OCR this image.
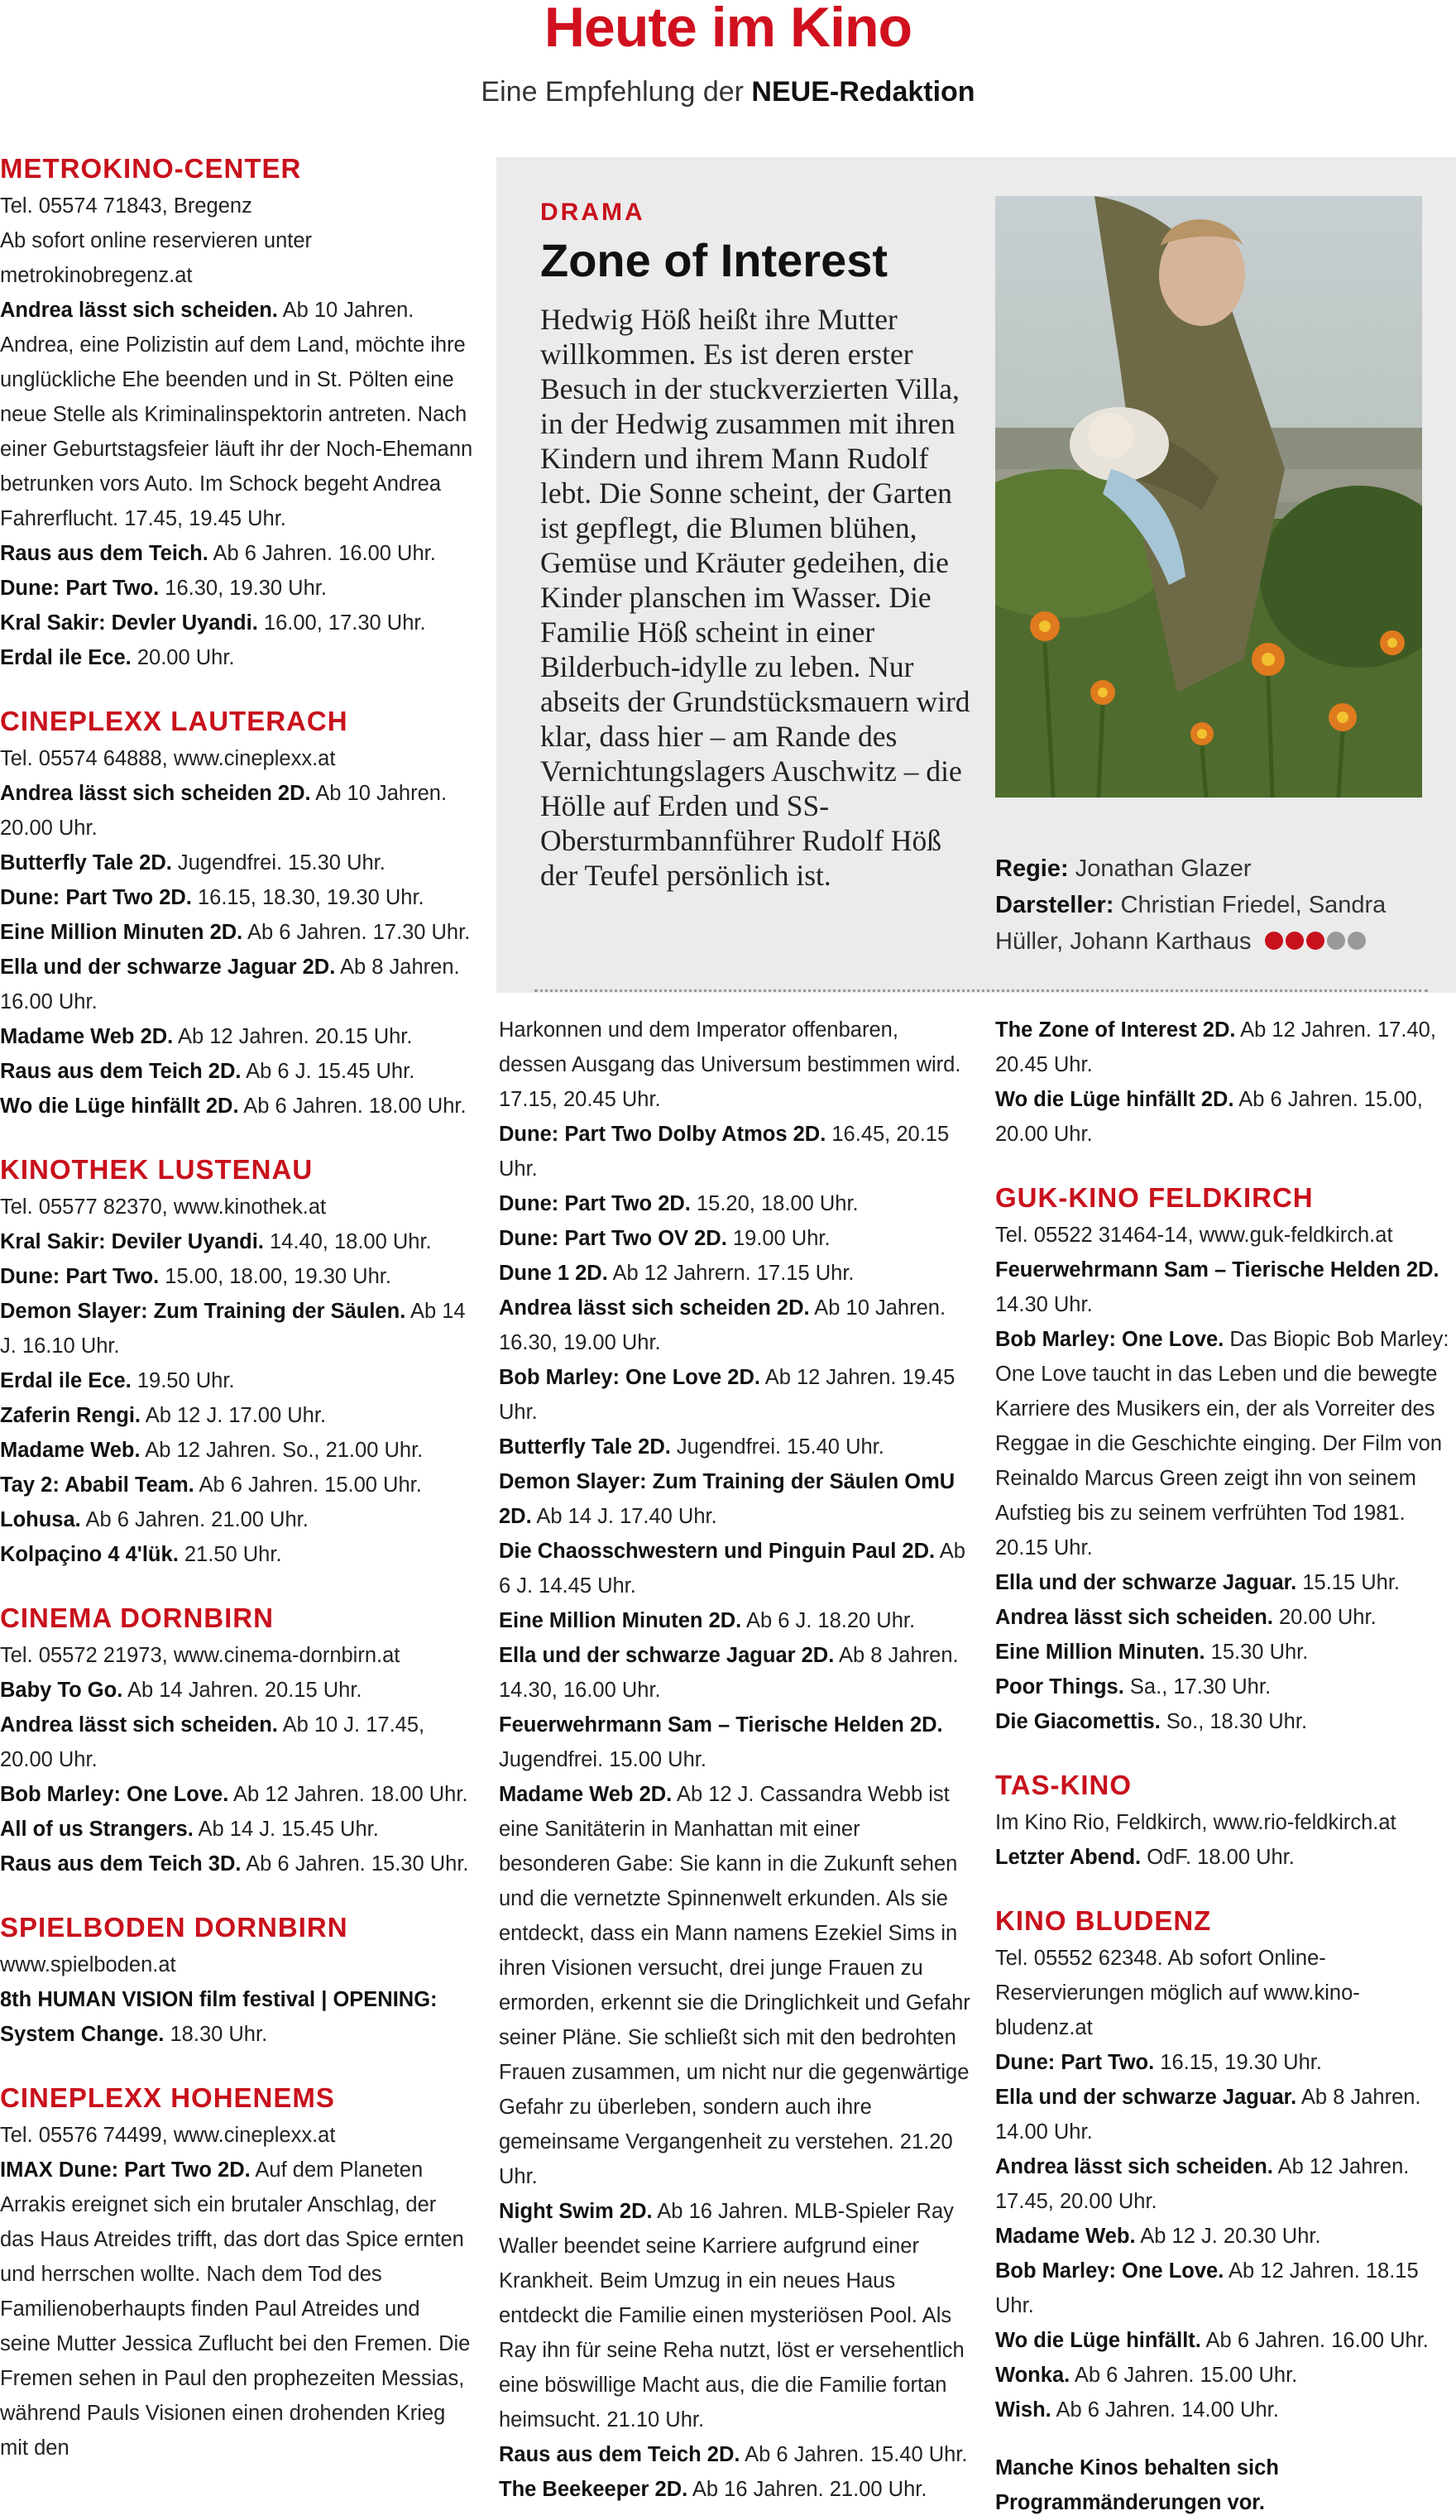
Heute im Kino
Eine Empfehlung der NEUE-Redaktion
METROKINO-CENTER

Tel. 05574 71843, Bregenz

Ab sofort online reservieren unter metrokinobregenz.at

Andrea lässt sich scheiden. Ab 10 Jahren. Andrea, eine Polizistin auf dem Land, möchte ihre unglückliche Ehe beenden und in St. Pölten eine neue Stelle als Kriminalinspektorin antreten. Nach einer Geburtstagsfeier läuft ihr der Noch-Ehemann betrunken vors Auto. Im Schock begeht Andrea Fahrerflucht. 17.45, 19.45 Uhr.

Raus aus dem Teich. Ab 6 Jahren. 16.00 Uhr.

Dune: Part Two. 16.30, 19.30 Uhr.

Kral Sakir: Devler Uyandi. 16.00, 17.30 Uhr.

Erdal ile Ece. 20.00 Uhr.

CINEPLEXX LAUTERACH

Tel. 05574 64888, www.cineplexx.at

Andrea lässt sich scheiden 2D. Ab 10 Jahren. 20.00 Uhr.

Butterfly Tale 2D. Jugendfrei. 15.30 Uhr.

Dune: Part Two 2D. 16.15, 18.30, 19.30 Uhr.

Eine Million Minuten 2D. Ab 6 Jahren. 17.30 Uhr.

Ella und der schwarze Jaguar 2D. Ab 8 Jahren. 16.00 Uhr.

Madame Web 2D. Ab 12 Jahren. 20.15 Uhr.

Raus aus dem Teich 2D. Ab 6 J. 15.45 Uhr.

Wo die Lüge hinfällt 2D. Ab 6 Jahren. 18.00 Uhr.

KINOTHEK LUSTENAU

Tel. 05577 82370, www.kinothek.at

Kral Sakir: Deviler Uyandi. 14.40, 18.00 Uhr.

Dune: Part Two. 15.00, 18.00, 19.30 Uhr.

Demon Slayer: Zum Training der Säulen. Ab 14 J. 16.10 Uhr.

Erdal ile Ece. 19.50 Uhr.

Zaferin Rengi. Ab 12 J. 17.00 Uhr.

Madame Web. Ab 12 Jahren. So., 21.00 Uhr.

Tay 2: Ababil Team. Ab 6 Jahren. 15.00 Uhr.

Lohusa. Ab 6 Jahren. 21.00 Uhr.

Kolpaçino 4 4'lük. 21.50 Uhr.

CINEMA DORNBIRN

Tel. 05572 21973, www.cinema-dornbirn.at

Baby To Go. Ab 14 Jahren. 20.15 Uhr.

Andrea lässt sich scheiden. Ab 10 J. 17.45, 20.00 Uhr.

Bob Marley: One Love. Ab 12 Jahren. 18.00 Uhr.

All of us Strangers. Ab 14 J. 15.45 Uhr.

Raus aus dem Teich 3D. Ab 6 Jahren. 15.30 Uhr.

SPIELBODEN DORNBIRN

www.spielboden.at

8th HUMAN VISION film festival | OPENING: System Change. 18.30 Uhr.

CINEPLEXX HOHENEMS

Tel. 05576 74499, www.cineplexx.at

IMAX Dune: Part Two 2D. Auf dem Planeten Arrakis ereignet sich ein brutaler Anschlag, der das Haus Atreides trifft, das dort das Spice ernten und herrschen wollte. Nach dem Tod des Familienoberhaupts finden Paul Atreides und seine Mutter Jessica Zuflucht bei den Fremen. Die Fremen sehen in Paul den prophezeiten Messias, während Pauls Visionen einen drohenden Krieg mit den

DRAMA
Zone of Interest
Hedwig Höß heißt ihre Mutter willkommen. Es ist deren erster Besuch in der stuckverzierten Villa, in der Hedwig zusammen mit ihren Kindern und ihrem Mann Rudolf lebt. Die Sonne scheint, der Garten ist gepflegt, die Blumen blühen, Gemüse und Kräuter gedeihen, die Kinder planschen im Wasser. Die Familie Höß scheint in einer Bilderbuch-idylle zu leben. Nur abseits der Grundstücksmauern wird klar, dass hier – am Rande des Vernichtungslagers Auschwitz – die Hölle auf Erden und SS-Obersturmbannführer Rudolf Höß der Teufel persönlich ist.	Regie: Jonathan Glazer
Darsteller: Christian Friedel, Sandra Hüller, Johann Karthaus

Harkonnen und dem Imperator offenbaren, dessen Ausgang das Universum bestimmen wird. 17.15, 20.45 Uhr.

Dune: Part Two Dolby Atmos 2D. 16.45, 20.15 Uhr.

Dune: Part Two 2D. 15.20, 18.00 Uhr.

Dune: Part Two OV 2D. 19.00 Uhr.

Dune 1 2D. Ab 12 Jahrern. 17.15 Uhr.

Andrea lässt sich scheiden 2D. Ab 10 Jahren. 16.30, 19.00 Uhr.

Bob Marley: One Love 2D. Ab 12 Jahren. 19.45 Uhr.

Butterfly Tale 2D. Jugendfrei. 15.40 Uhr.

Demon Slayer: Zum Training der Säulen OmU 2D. Ab 14 J. 17.40 Uhr.

Die Chaosschwestern und Pinguin Paul 2D. Ab 6 J. 14.45 Uhr.

Eine Million Minuten 2D. Ab 6 J. 18.20 Uhr.

Ella und der schwarze Jaguar 2D. Ab 8 Jahren. 14.30, 16.00 Uhr.

Feuerwehrmann Sam – Tierische Helden 2D. Jugendfrei. 15.00 Uhr.

Madame Web 2D. Ab 12 J. Cassandra Webb ist eine Sanitäterin in Manhattan mit einer besonderen Gabe: Sie kann in die Zukunft sehen und die vernetzte Spinnenwelt erkunden. Als sie entdeckt, dass ein Mann namens Ezekiel Sims in ihren Visionen versucht, drei junge Frauen zu ermorden, erkennt sie die Dringlichkeit und Gefahr seiner Pläne. Sie schließt sich mit den bedrohten Frauen zusammen, um nicht nur die gegenwärtige Gefahr zu überleben, sondern auch ihre gemeinsame Vergangenheit zu verstehen. 21.20 Uhr.

Night Swim 2D. Ab 16 Jahren. MLB-Spieler Ray Waller beendet seine Karriere aufgrund einer Krankheit. Beim Umzug in ein neues Haus entdeckt die Familie einen mysteriösen Pool. Als Ray ihn für seine Reha nutzt, löst er versehentlich eine böswillige Macht aus, die die Familie fortan heimsucht. 21.10 Uhr.

Raus aus dem Teich 2D. Ab 6 Jahren. 15.40 Uhr.

The Beekeeper 2D. Ab 16 Jahren. 21.00 Uhr.

The Zone of Interest 2D. Ab 12 Jahren. 17.40, 20.45 Uhr.

Wo die Lüge hinfällt 2D. Ab 6 Jahren. 15.00, 20.00 Uhr.

GUK-KINO FELDKIRCH

Tel. 05522 31464-14, www.guk-feldkirch.at

Feuerwehrmann Sam – Tierische Helden 2D. 14.30 Uhr.

Bob Marley: One Love. Das Biopic Bob Marley: One Love taucht in das Leben und die bewegte Karriere des Musikers ein, der als Vorreiter des Reggae in die Geschichte einging. Der Film von Reinaldo Marcus Green zeigt ihn von seinem Aufstieg bis zu seinem verfrühten Tod 1981. 20.15 Uhr.

Ella und der schwarze Jaguar. 15.15 Uhr.

Andrea lässt sich scheiden. 20.00 Uhr.

Eine Million Minuten. 15.30 Uhr.

Poor Things. Sa., 17.30 Uhr.

Die Giacomettis. So., 18.30 Uhr.

TAS-KINO

Im Kino Rio, Feldkirch, www.rio-feldkirch.at

Letzter Abend. OdF. 18.00 Uhr.

KINO BLUDENZ

Tel. 05552 62348. Ab sofort Online-Reservierungen möglich auf www.kino-bludenz.at

Dune: Part Two. 16.15, 19.30 Uhr.

Ella und der schwarze Jaguar. Ab 8 Jahren. 14.00 Uhr.

Andrea lässt sich scheiden. Ab 12 Jahren. 17.45, 20.00 Uhr.

Madame Web. Ab 12 J. 20.30 Uhr.

Bob Marley: One Love. Ab 12 Jahren. 18.15 Uhr.

Wo die Lüge hinfällt. Ab 6 Jahren. 16.00 Uhr.

Wonka. Ab 6 Jahren. 15.00 Uhr.

Wish. Ab 6 Jahren. 14.00 Uhr.

Manche Kinos behalten sich Programmänderungen vor.
